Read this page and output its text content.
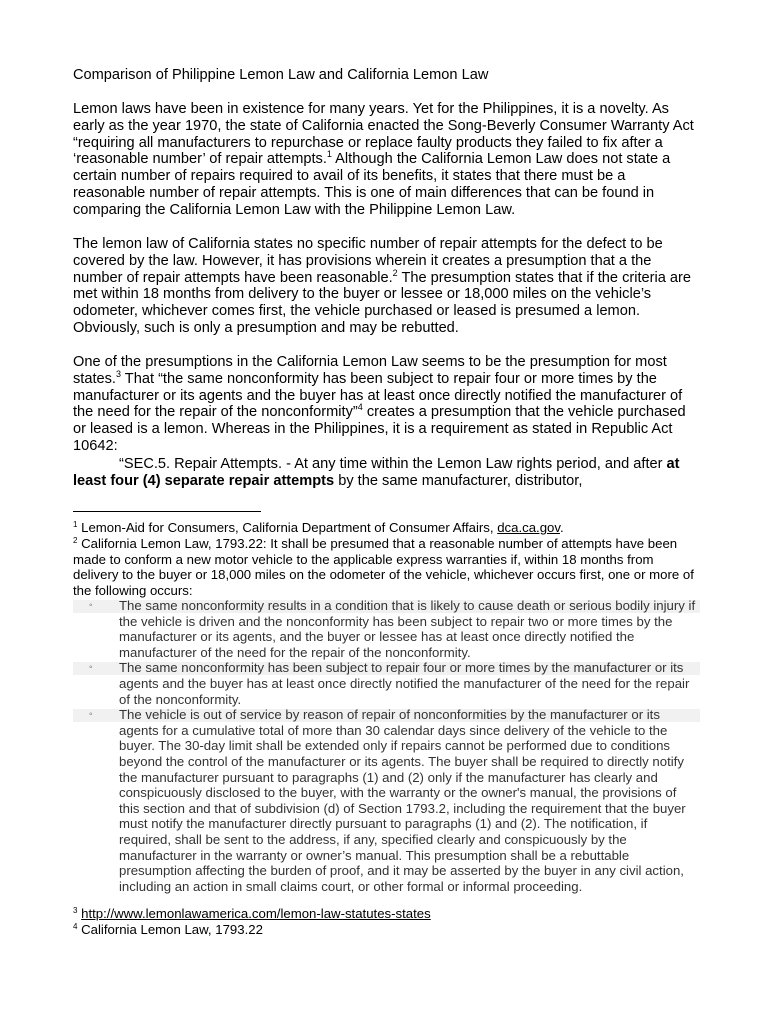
Comparison of Philippine Lemon Law and California Lemon Law
Lemon laws have been in existence for many years. Yet for the Philippines, it is a novelty. As early as the year 1970, the state of California enacted the Song-Beverly Consumer Warranty Act “requiring all manufacturers to repurchase or replace faulty products they failed to fix after a ‘reasonable number’ of repair attempts.$^1$ Although the California Lemon Law does not state a certain number of repairs required to avail of its benefits, it states that there must be a reasonable number of repair attempts. This is one of main differences that can be found in comparing the California Lemon Law with the Philippine Lemon Law.
The lemon law of California states no specific number of repair attempts for the defect to be covered by the law. However, it has provisions wherein it creates a presumption that a the number of repair attempts have been reasonable.$^2$ The presumption states that if the criteria are met within 18 months from delivery to the buyer or lessee or 18,000 miles on the vehicle’s odometer, whichever comes first, the vehicle purchased or leased is presumed a lemon. Obviously, such is only a presumption and may be rebutted.
One of the presumptions in the California Lemon Law seems to be the presumption for most states.$^3$ That “the same nonconformity has been subject to repair four or more times by the manufacturer or its agents and the buyer has at least once directly notified the manufacturer of the need for the repair of the nonconformity”$^4$ creates a presumption that the vehicle purchased or leased is a lemon. Whereas in the Philippines, it is a requirement as stated in Republic Act 10642:
“SEC.5. Repair Attempts. - At any time within the Lemon Law rights period, and after at least four (4) separate repair attempts by the same manufacturer, distributor,
$^1$ Lemon-Aid for Consumers, California Department of Consumer Affairs, dca.ca.gov.
$^2$ California Lemon Law, 1793.22: It shall be presumed that a reasonable number of attempts have been made to conform a new motor vehicle to the applicable express warranties if, within 18 months from delivery to the buyer or 18,000 miles on the odometer of the vehicle, whichever occurs first, one or more of the following occurs:
◦ The same nonconformity results in a condition that is likely to cause death or serious bodily injury if the vehicle is driven and the nonconformity has been subject to repair two or more times by the manufacturer or its agents, and the buyer or lessee has at least once directly notified the manufacturer of the need for the repair of the nonconformity.
◦ The same nonconformity has been subject to repair four or more times by the manufacturer or its agents and the buyer has at least once directly notified the manufacturer of the need for the repair of the nonconformity.
◦ The vehicle is out of service by reason of repair of nonconformities by the manufacturer or its agents for a cumulative total of more than 30 calendar days since delivery of the vehicle to the buyer. The 30-day limit shall be extended only if repairs cannot be performed due to conditions beyond the control of the manufacturer or its agents. The buyer shall be required to directly notify the manufacturer pursuant to paragraphs (1) and (2) only if the manufacturer has clearly and conspicuously disclosed to the buyer, with the warranty or the owner's manual, the provisions of this section and that of subdivision (d) of Section 1793.2, including the requirement that the buyer must notify the manufacturer directly pursuant to paragraphs (1) and (2). The notification, if required, shall be sent to the address, if any, specified clearly and conspicuously by the manufacturer in the warranty or owner’s manual. This presumption shall be a rebuttable presumption affecting the burden of proof, and it may be asserted by the buyer in any civil action, including an action in small claims court, or other formal or informal proceeding.
$^3$ http://www.lemonlawamerica.com/lemon-law-statutes-states
$^4$ California Lemon Law, 1793.22
